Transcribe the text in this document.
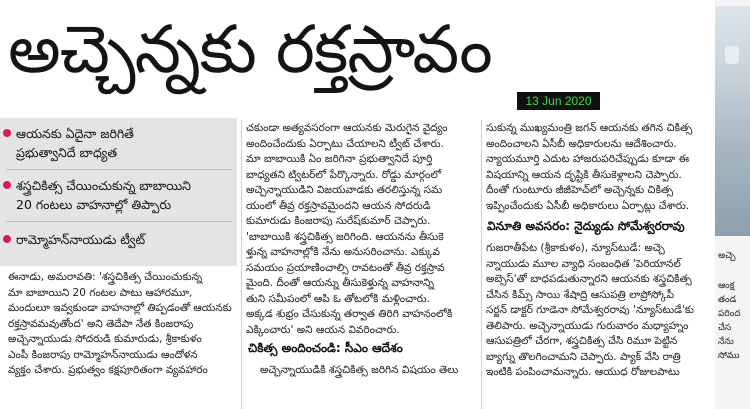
అచ్చెన్నకు రక్తస్రావం
13 Jun 2020
అచ్చె
ఆంక్ష
తండ
పరింద
చేస
నేను
సోము
ఆయనకు ఏదైనా జరిగితే
ప్రభుత్వానిదే బాధ్యత
శస్త్రచికిత్స చేయించుకున్న బాబాయిని
20 గంటలు వాహనాల్లో తిప్పారు
రామ్మోహన్‌నాయుడు ట్వీట్

ఈనాడు, అమరావతి: 'శస్త్రచికిత్స చేయించుకున్న

మా బాబాయిని 20 గంటల పాటు ఆహారమూ,

మందులూ ఇవ్వకుండా వాహనాల్లో తిప్పడంతో ఆయనకు

రక్తస్రావమవుతోంద' అని తెదేపా నేత కింజరాపు

అచ్చెన్నాయుడు సోదరుడి కుమారుడు, శ్రీకాకుళం

ఎంపీ కింజరాపు రామ్మోహన్‌నాయుడు ఆందోళన

వ్యక్తం చేశారు. ప్రభుత్వం కక్షపూరితంగా వ్యవహారం

చకుండా అత్యవసరంగా ఆయనకు మెరుగైన వైద్యం

అందించేందుకు ఏర్పాటు చేయాలని ట్వీట్ చేశారు.

మా బాబాయికి ఏం జరిగినా ప్రభుత్వానిదే పూర్తి

బాధ్యతని ట్విటర్‌లో పేర్కొన్నారు. రోడ్డు మార్గంలో

అచ్చెన్నాయుడిని విజయవాడకు తరలిస్తున్న సమ

యంలో తీవ్ర రక్తస్రావమైందని ఆయన సోదరుడి

కుమారుడు కింజరాపు సురేష్‌కుమార్ చెప్పారు.

'బాబాయికి శస్త్రచికిత్స జరిగింది. ఆయనను తీసుకె

ళ్తున్న వాహనాల్లోకి నేను అనుసరించాను. ఎక్కువ

సమయం ప్రయాణించాల్సి రావటంతో తీవ్ర రక్తస్రావ

మైంది. దీంతో ఆయన్ను తీసుకెళ్తున్న వాహనాన్ని

తుని సమీపంలో ఆపి ఓ తోటలోకి మళ్లించారు.

అక్కడ శుభ్రం చేసుకున్న తర్వాత తిరిగి వాహనంలోకి

ఎక్కించారు' అని ఆయన వివరించారు.

చికిత్స అందించండి: సీఎం ఆదేశం

అచ్చెన్నాయుడికి శస్త్రచికిత్స జరిగిన విషయం తెలు

సుకున్న ముఖ్యమంత్రి జగన్ ఆయనకు తగిన చికిత్స

అందించాలని ఏసీబీ అధికారులను ఆదేశించారు.

న్యాయమూర్తి ఎదుట హాజరుపరిచేప్పుడు కూడా ఈ

విషయాన్ని ఆయన దృష్టికి తీసుకెళ్లాలని చెప్పారు.

దీంతో గుంటూరు జీజీహెచ్‌లో అచ్చెన్నకు చికిత్స

ఇప్పించేందుకు ఏసీబీ అధికారులు ఏర్పాట్లు చేశారు.

వినూతి అవసరం: నైద్యుడు సోమేశ్వరరావు

గుజరాతీపేట (శ్రీకాకుళం), న్యూస్‌టుడే: అచ్చె

న్నాయుడు మూల వ్యాధి సంబంధిత 'పెరియానల్

అబ్సెస్'తో బాధపడుతున్నారని ఆయనకు శస్త్రచికిత్స

చేసిన కిమ్స్ సాయి శేషాద్రి ఆసుపత్రి లాప్రోస్కోపీ

సర్జన్ డాక్టర్ గూడెనా సోమేశ్వరరావు 'న్యూస్‌టుడే'కు

తెలిపారు. అచ్చెన్నాయుడు గురువారం మధ్యాహ్నం

ఆసుపత్రిలో చేరగా, శస్త్రచికిత్స చేసి రిమూ పెట్టిన

బ్యాగ్ను తొలగించామని చెప్పారు. ప్యాక్ వేసి రాత్రి

ఇంటికి పంపించామన్నారు. ఆయుధ రోజులపాటు
